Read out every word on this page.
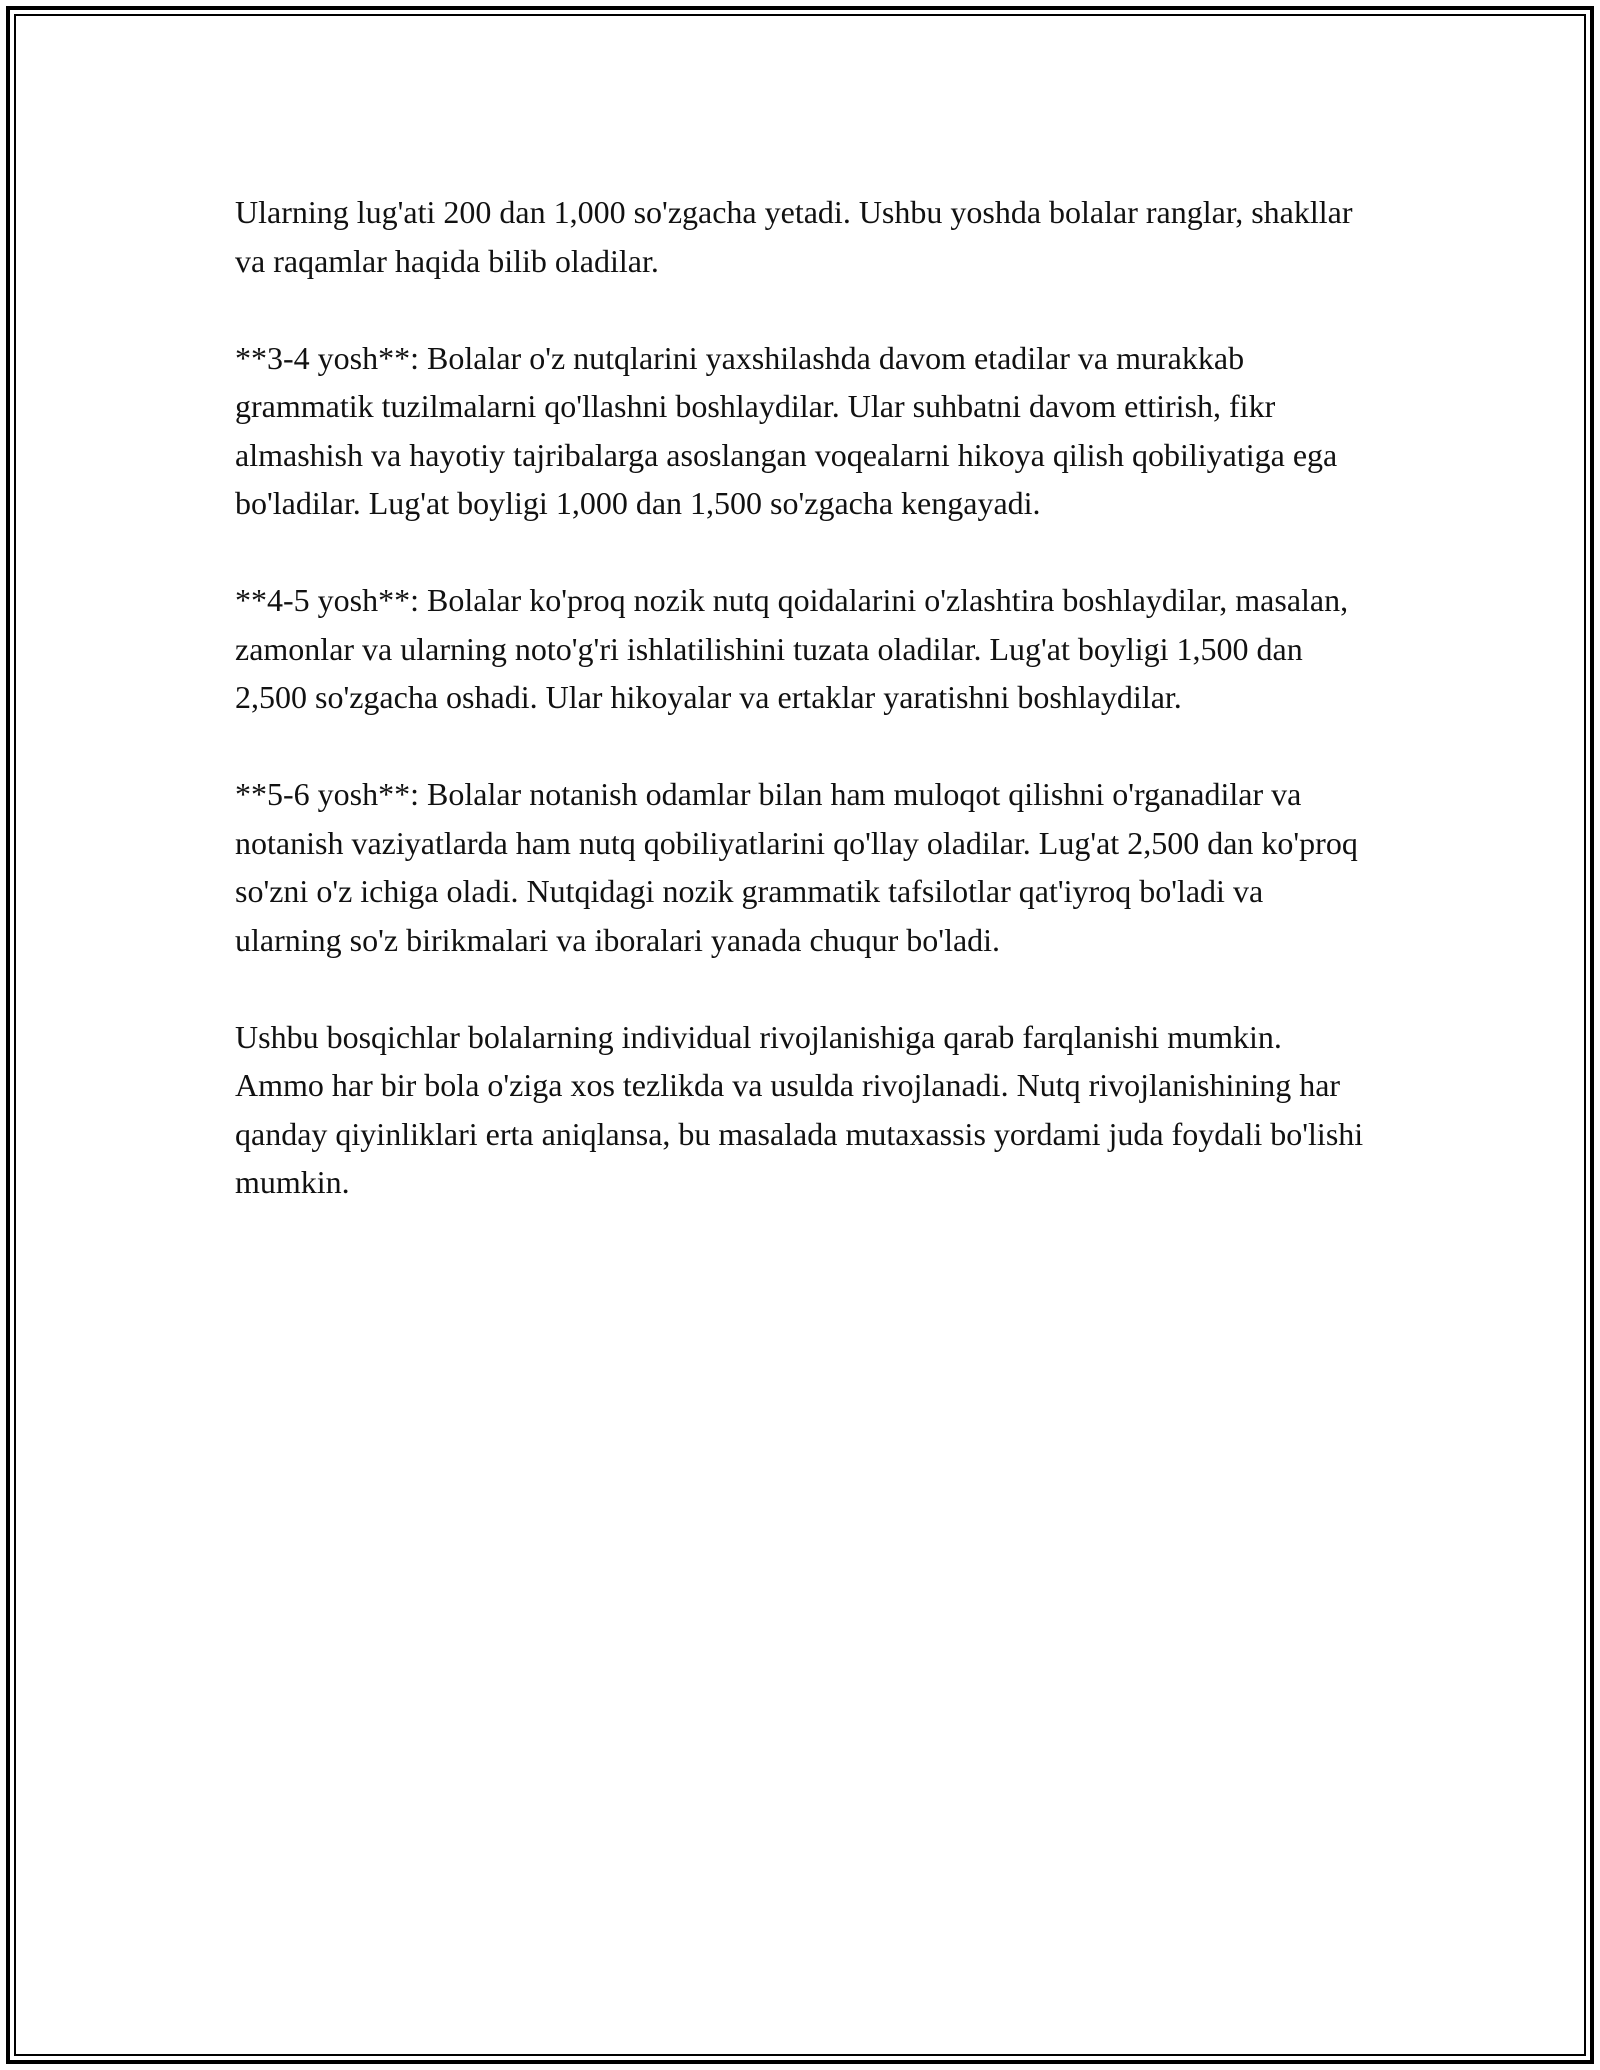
Ularning lug'ati 200 dan 1,000 so'zgacha yetadi. Ushbu yoshda bolalar ranglar, shakllar va raqamlar haqida bilib oladilar.

**3-4 yosh**: Bolalar o'z nutqlarini yaxshilashda davom etadilar va murakkab grammatik tuzilmalarni qo'llashni boshlaydilar. Ular suhbatni davom ettirish, fikr almashish va hayotiy tajribalarga asoslangan voqealarni hikoya qilish qobiliyatiga ega bo'ladilar. Lug'at boyligi 1,000 dan 1,500 so'zgacha kengayadi.

**4-5 yosh**: Bolalar ko'proq nozik nutq qoidalarini o'zlashtira boshlaydilar, masalan, zamonlar va ularning noto'g'ri ishlatilishini tuzata oladilar. Lug'at boyligi 1,500 dan 2,500 so'zgacha oshadi. Ular hikoyalar va ertaklar yaratishni boshlaydilar.

**5-6 yosh**: Bolalar notanish odamlar bilan ham muloqot qilishni o'rganadilar va notanish vaziyatlarda ham nutq qobiliyatlarini qo'llay oladilar. Lug'at 2,500 dan ko'proq so'zni o'z ichiga oladi. Nutqidagi nozik grammatik tafsilotlar qat'iyroq bo'ladi va ularning so'z birikmalari va iboralari yanada chuqur bo'ladi.

Ushbu bosqichlar bolalarning individual rivojlanishiga qarab farqlanishi mumkin. Ammo har bir bola o'ziga xos tezlikda va usulda rivojlanadi. Nutq rivojlanishining har qanday qiyinliklari erta aniqlansa, bu masalada mutaxassis yordami juda foydali bo'lishi mumkin.
